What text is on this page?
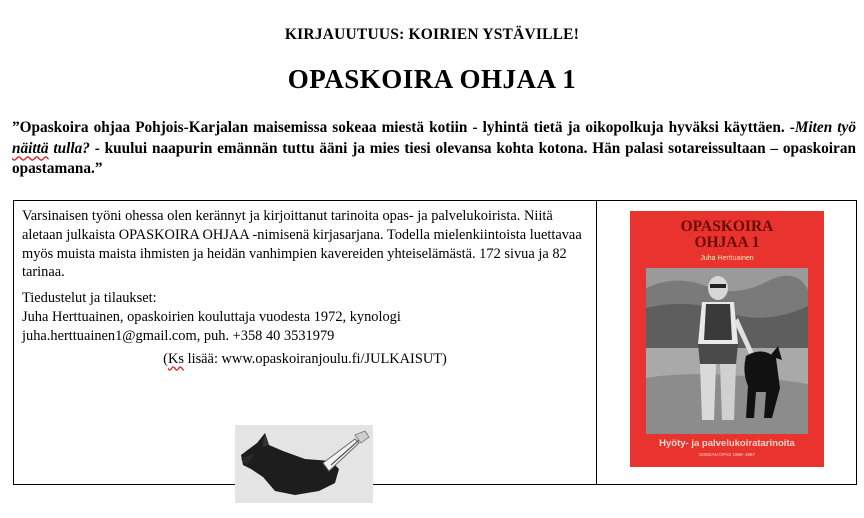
KIRJAUUTUUS: KOIRIEN YSTÄVILLE!
OPASKOIRA OHJAA 1
”Opaskoira ohjaa Pohjois-Karjalan maisemissa sokeaa miestä kotiin - lyhintä tietä ja oikopolkuja hyväksi käyttäen. -Miten työ näittä tulla? - kuului naapurin emännän tuttu ääni ja mies tiesi olevansa kohta kotona. Hän palasi sotareissultaan – opaskoiran opastamana.”

Varsinaisen työni ohessa olen kerännyt ja kirjoittanut tarinoita opas- ja palvelukoirista. Niitä aletaan julkaista OPASKOIRA OHJAA -nimisenä kirjasarjana. Todella mielenkiintoista luettavaa myös muista maista ihmisten ja heidän vanhimpien kavereiden yhteiselämästä. 172 sivua ja 82 tarinaa.

Tiedustelut ja tilaukset:
Juha Herttuainen, opaskoirien kouluttaja vuodesta 1972, kynologi
juha.herttuainen1@gmail.com, puh. +358 40 3531979

(Ks lisää: www.opaskoiranjoulu.fi/JULKAISUT)

OPASKOIRA
OHJAA 1
Juha Herttuainen
Hyöty- ja palvelukoiratarinoita
SOKEAN OPAS 1950–1967
